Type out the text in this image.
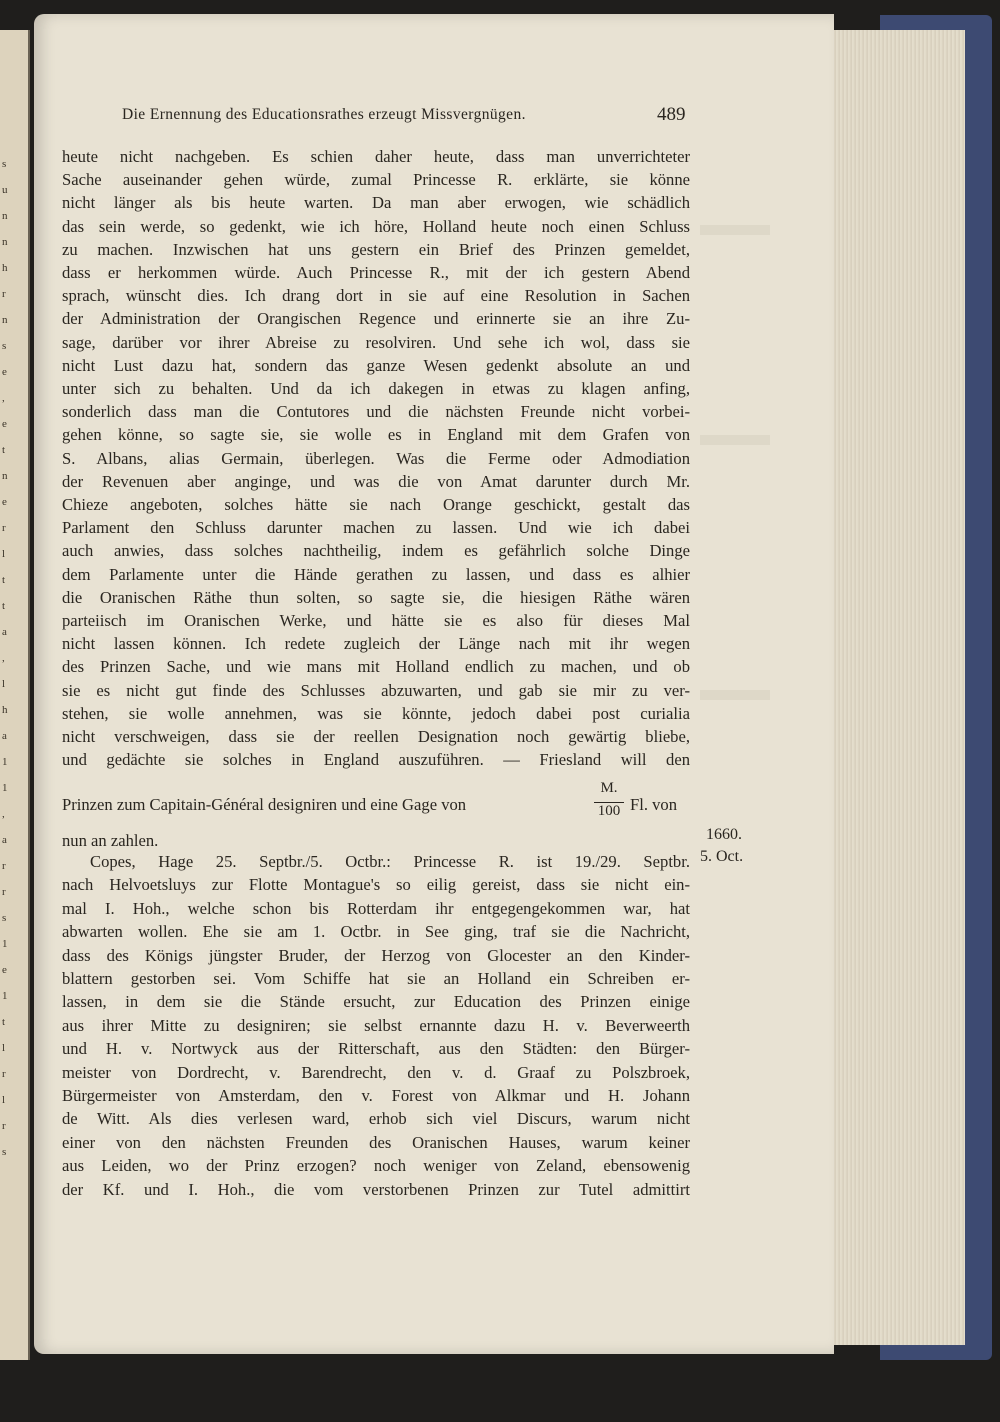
s
u
n
n
h
r
n
s
e
,
e
t
n
e
r
l
t
t
a
,
l
h
a
1
1
,
a
r
r
s
1
e
1
t
l
r
l
r
s
Die Ernennung des Educationsrathes erzeugt Missvergnügen.	489
heute nicht nachgeben. Es schien daher heute, dass man unverrichteter
Sache auseinander gehen würde, zumal Princesse R. erklärte, sie könne
nicht länger als bis heute warten. Da man aber erwogen, wie schädlich
das sein werde, so gedenkt, wie ich höre, Holland heute noch einen Schluss
zu machen. Inzwischen hat uns gestern ein Brief des Prinzen gemeldet,
dass er herkommen würde. Auch Princesse R., mit der ich gestern Abend
sprach, wünscht dies. Ich drang dort in sie auf eine Resolution in Sachen
der Administration der Orangischen Regence und erinnerte sie an ihre Zu-
sage, darüber vor ihrer Abreise zu resolviren. Und sehe ich wol, dass sie
nicht Lust dazu hat, sondern das ganze Wesen gedenkt absolute an und
unter sich zu behalten. Und da ich dakegen in etwas zu klagen anfing,
sonderlich dass man die Contutores und die nächsten Freunde nicht vorbei-
gehen könne, so sagte sie, sie wolle es in England mit dem Grafen von
S. Albans, alias Germain, überlegen. Was die Ferme oder Admodiation
der Revenuen aber anginge, und was die von Amat darunter durch Mr.
Chieze angeboten, solches hätte sie nach Orange geschickt, gestalt das
Parlament den Schluss darunter machen zu lassen. Und wie ich dabei
auch anwies, dass solches nachtheilig, indem es gefährlich solche Dinge
dem Parlamente unter die Hände gerathen zu lassen, und dass es alhier
die Oranischen Räthe thun solten, so sagte sie, die hiesigen Räthe wären
parteiisch im Oranischen Werke, und hätte sie es also für dieses Mal
nicht lassen können. Ich redete zugleich der Länge nach mit ihr wegen
des Prinzen Sache, und wie mans mit Holland endlich zu machen, und ob
sie es nicht gut finde des Schlusses abzuwarten, und gab sie mir zu ver-
stehen, sie wolle annehmen, was sie könnte, jedoch dabei post curialia
nicht verschweigen, dass sie der reellen Designation noch gewärtig bliebe,
und gedächte sie solches in England auszuführen. — Friesland will den
Prinzen zum Capitain-Général designiren und eine Gage von
M.
100 Fl. von
nun an zahlen.
Copes, Hage 25. Septbr./5. Octbr.: Princesse R. ist 19./29. Septbr.
nach Helvoetsluys zur Flotte Montague's so eilig gereist, dass sie nicht ein-
mal I. Hoh., welche schon bis Rotterdam ihr entgegengekommen war, hat
abwarten wollen. Ehe sie am 1. Octbr. in See ging, traf sie die Nachricht,
dass des Königs jüngster Bruder, der Herzog von Glocester an den Kinder-
blattern gestorben sei. Vom Schiffe hat sie an Holland ein Schreiben er-
lassen, in dem sie die Stände ersucht, zur Education des Prinzen einige
aus ihrer Mitte zu designiren; sie selbst ernannte dazu H. v. Beverweerth
und H. v. Nortwyck aus der Ritterschaft, aus den Städten: den Bürger-
meister von Dordrecht, v. Barendrecht, den v. d. Graaf zu Polszbroek,
Bürgermeister von Amsterdam, den v. Forest von Alkmar und H. Johann
de Witt. Als dies verlesen ward, erhob sich viel Discurs, warum nicht
einer von den nächsten Freunden des Oranischen Hauses, warum keiner
aus Leiden, wo der Prinz erzogen? noch weniger von Zeland, ebensowenig
der Kf. und I. Hoh., die vom verstorbenen Prinzen zur Tutel admittirt
1660.
5. Oct.
